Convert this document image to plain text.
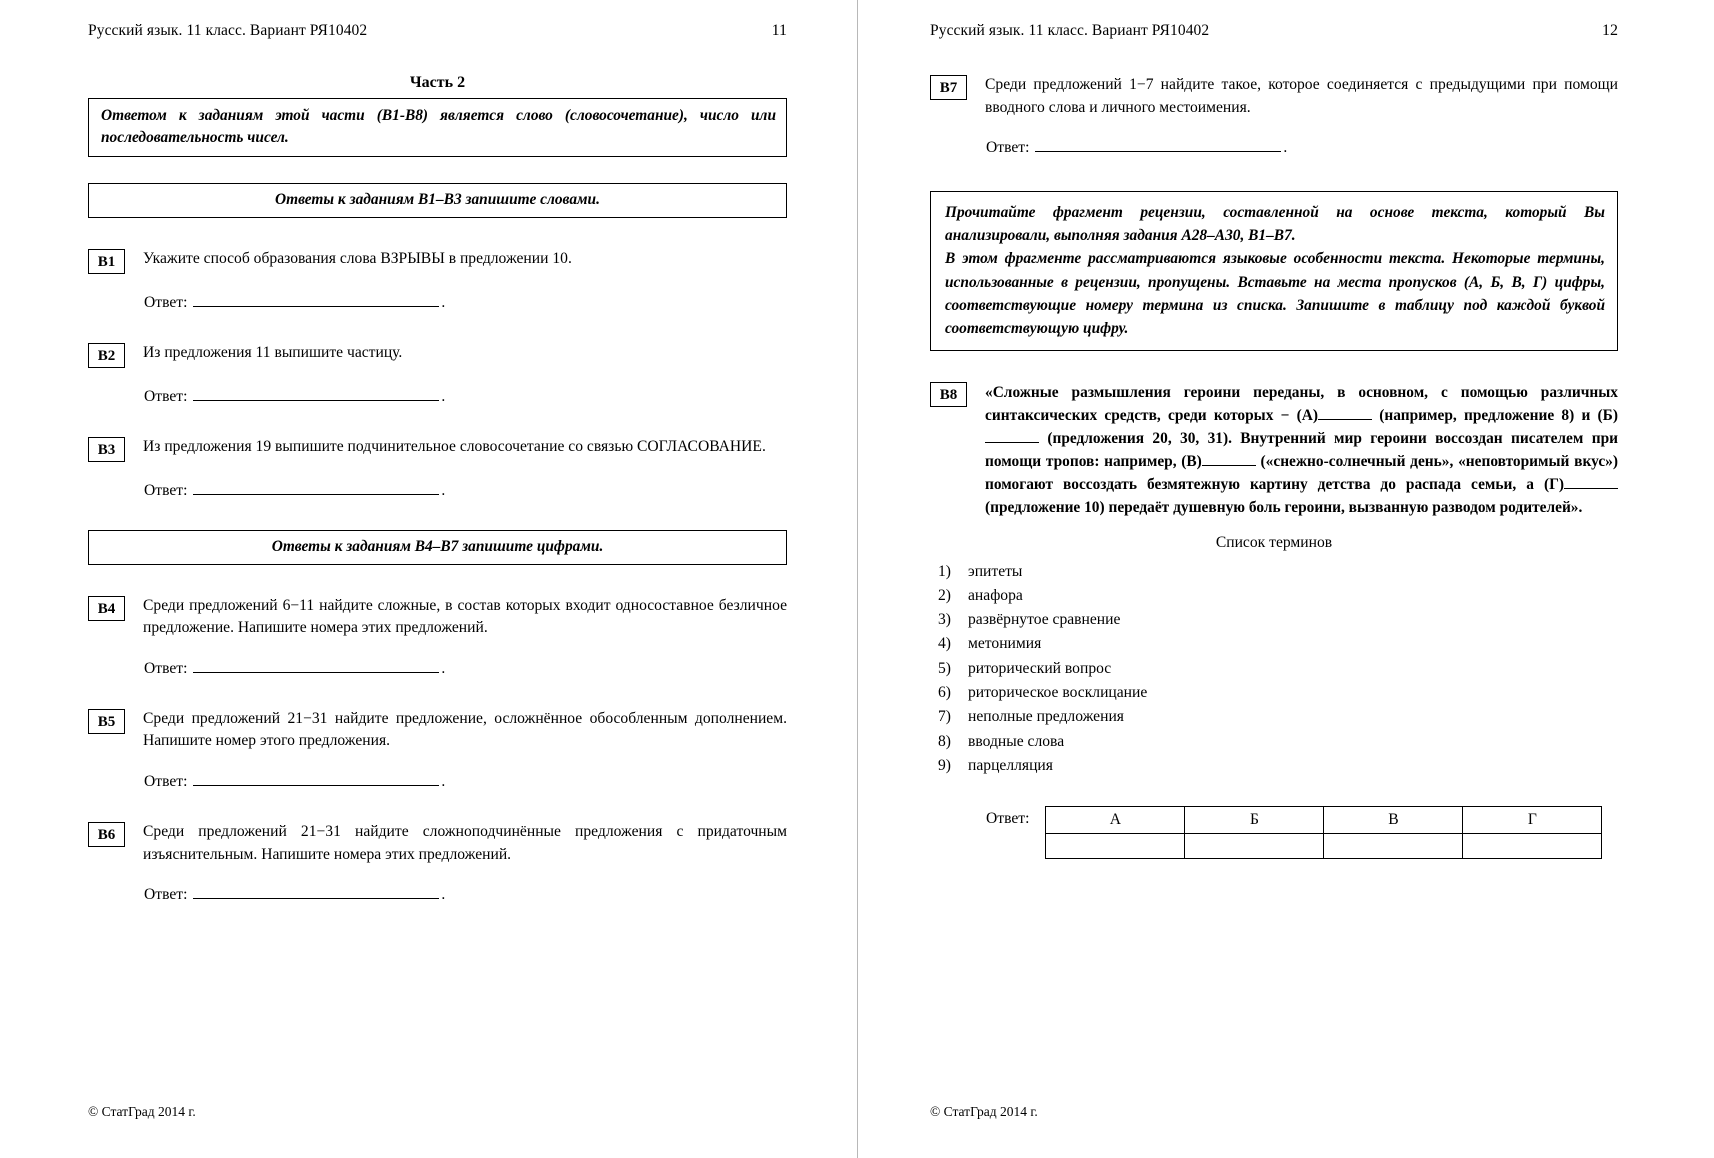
Русский язык. 11 класс. Вариант РЯ10402	11
Часть 2
Ответом к заданиям этой части (В1-В8) является слово (словосочетание), число или последовательность чисел.
Ответы к заданиям В1–В3 запишите словами.
В1	Укажите способ образования слова ВЗРЫВЫ в предложении 10.
Ответ:	.
В2	Из предложения 11 выпишите частицу.
Ответ:	.
В3	Из предложения 19 выпишите подчинительное словосочетание со связью СОГЛАСОВАНИЕ.
Ответ:	.
Ответы к заданиям В4–В7 запишите цифрами.
В4	Среди предложений 6−11 найдите сложные, в состав которых входит односоставное безличное предложение. Напишите номера этих предложений.
Ответ:	.
В5	Среди предложений 21−31 найдите предложение, осложнённое обособленным дополнением. Напишите номер этого предложения.
Ответ:	.
В6	Среди предложений 21−31 найдите сложноподчинённые предложения с придаточным изъяснительным. Напишите номера этих предложений.
Ответ:	.
© СтатГрад 2014 г.
Русский язык. 11 класс. Вариант РЯ10402	12
В7	Среди предложений 1−7 найдите такое, которое соединяется с предыдущими при помощи вводного слова и личного местоимения.
Ответ:	.

Прочитайте фрагмент рецензии, составленной на основе текста, который Вы анализировали, выполняя задания А28–А30, В1–В7.

В этом фрагменте рассматриваются языковые особенности текста. Некоторые термины, использованные в рецензии, пропущены. Вставьте на места пропусков (А, Б, В, Г) цифры, соответствующие номеру термина из списка. Запишите в таблицу под каждой буквой соответствующую цифру.

В8	«Сложные размышления героини переданы, в основном, с помощью различных синтаксических средств, среди которых − (А)	(например, предложение 8) и (Б) (предложения 20, 30, 31). Внутренний мир героини воссоздан писателем при помощи тропов: например, (В)	(«снежно-солнечный день», «неповторимый вкус») помогают воссоздать безмятежную картину детства до распада семьи, а (Г) (предложение 10) передаёт душевную боль героини, вызванную разводом родителей».
Список терминов
1)	эпитеты
2)	анафора
3)	развёрнутое сравнение
4)	метонимия
5)	риторический вопрос
6)	риторическое восклицание
7)	неполные предложения
8)	вводные слова
9)	парцелляция
Ответ:	А	Б	В	Г

© СтатГрад 2014 г.
